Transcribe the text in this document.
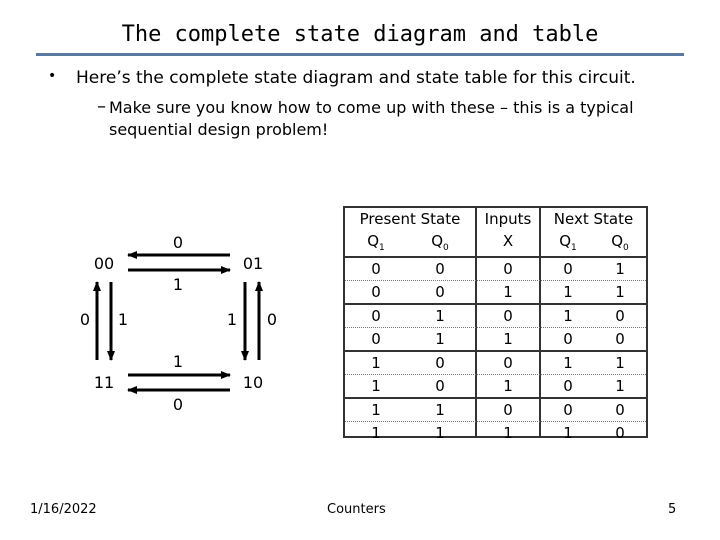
The complete state diagram and table
• Here’s the complete state diagram and state table for this circuit.
– Make sure you know how to come up with these – this is a typical sequential design problem!
00	01
11	10
0
1
0 1	1 0
1
0
Present State	Inputs	Next State
$Q_1$	$Q_0$	X	$Q_1$	$Q_0$
0	0	0	0	1
0	0	1	1	1
0	1	0	1	0
0	1	1	0	0
1	0	0	1	1
1	0	1	0	1
1	1	0	0	0
1	1	1	1	0
1/16/2022	Counters	5
